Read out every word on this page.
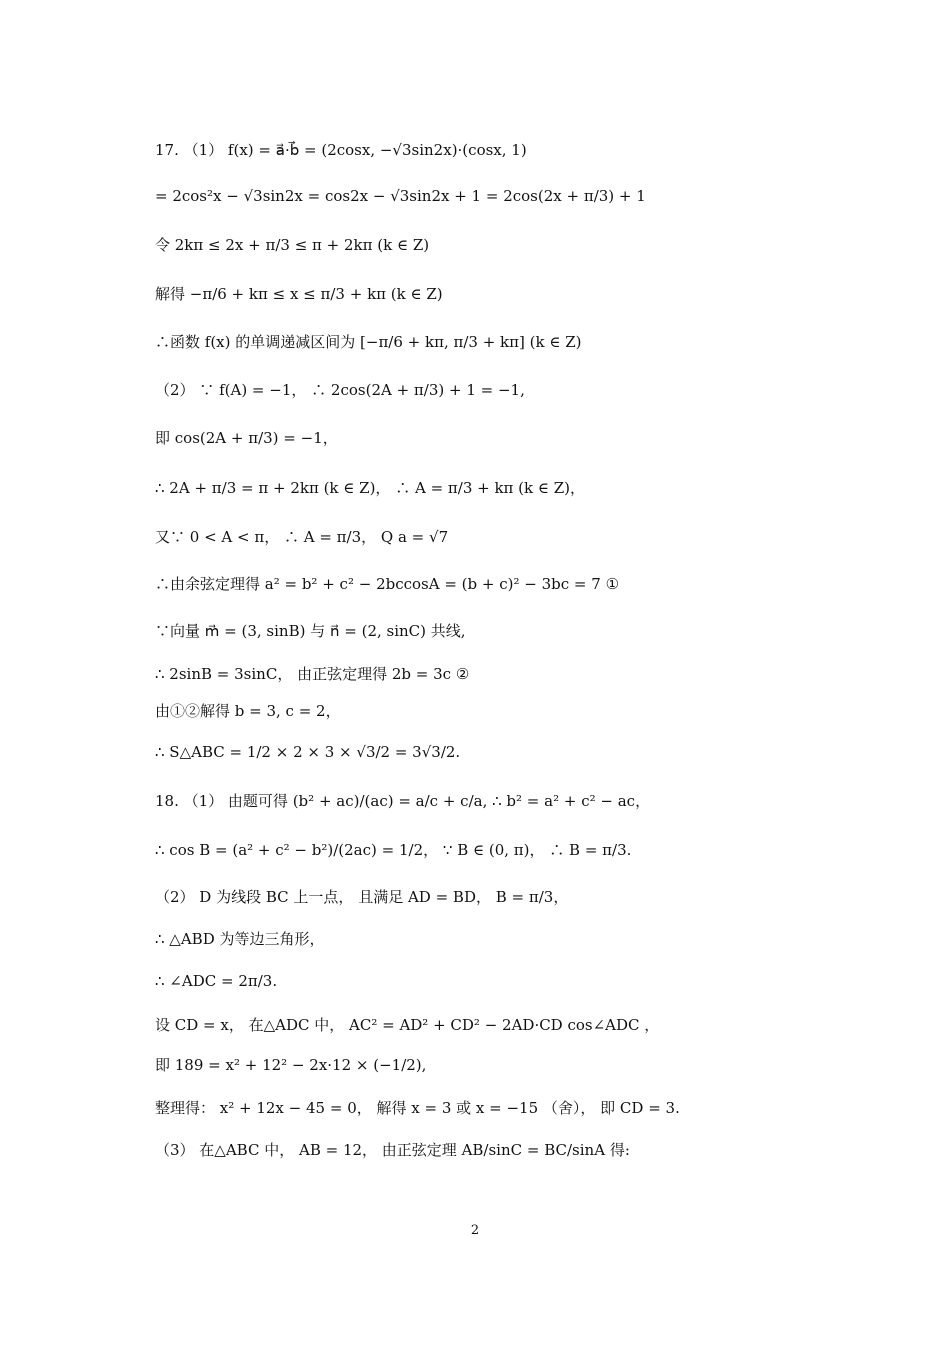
17. （1） f(x) = a⃗·b⃗ = (2cosx, −√3sin2x)·(cosx, 1)
= 2cos²x − √3sin2x = cos2x − √3sin2x + 1 = 2cos(2x + π/3) + 1
令 2kπ ≤ 2x + π/3 ≤ π + 2kπ (k ∈ Z)
解得 −π/6 + kπ ≤ x ≤ π/3 + kπ (k ∈ Z)
∴函数 f(x) 的单调递减区间为 [−π/6 + kπ, π/3 + kπ] (k ∈ Z)
（2） ∵ f(A) = −1， ∴ 2cos(2A + π/3) + 1 = −1,
即 cos(2A + π/3) = −1，
∴ 2A + π/3 = π + 2kπ (k ∈ Z)， ∴ A = π/3 + kπ (k ∈ Z)，
又∵ 0 < A < π， ∴ A = π/3， Q a = √7
∴由余弦定理得 a² = b² + c² − 2bccosA = (b + c)² − 3bc = 7 ①
∵向量 m⃗ = (3, sinB) 与 n⃗ = (2, sinC) 共线,
∴ 2sinB = 3sinC， 由正弦定理得 2b = 3c ②
由①②解得 b = 3, c = 2，
∴ S△ABC = 1/2 × 2 × 3 × √3/2 = 3√3/2.
18. （1） 由题可得 (b² + ac)/(ac) = a/c + c/a, ∴ b² = a² + c² − ac，
∴ cos B = (a² + c² − b²)/(2ac) = 1/2， ∵ B ∈ (0, π)， ∴ B = π/3.
（2） D 为线段 BC 上一点， 且满足 AD = BD， B = π/3，
∴ △ABD 为等边三角形，
∴ ∠ADC = 2π/3.
设 CD = x， 在△ADC 中， AC² = AD² + CD² − 2AD·CD cos∠ADC ，
即 189 = x² + 12² − 2x·12 × (−1/2),
整理得： x² + 12x − 45 = 0， 解得 x = 3 或 x = −15 （舍）， 即 CD = 3.
（3） 在△ABC 中， AB = 12， 由正弦定理 AB/sinC = BC/sinA 得:
2
